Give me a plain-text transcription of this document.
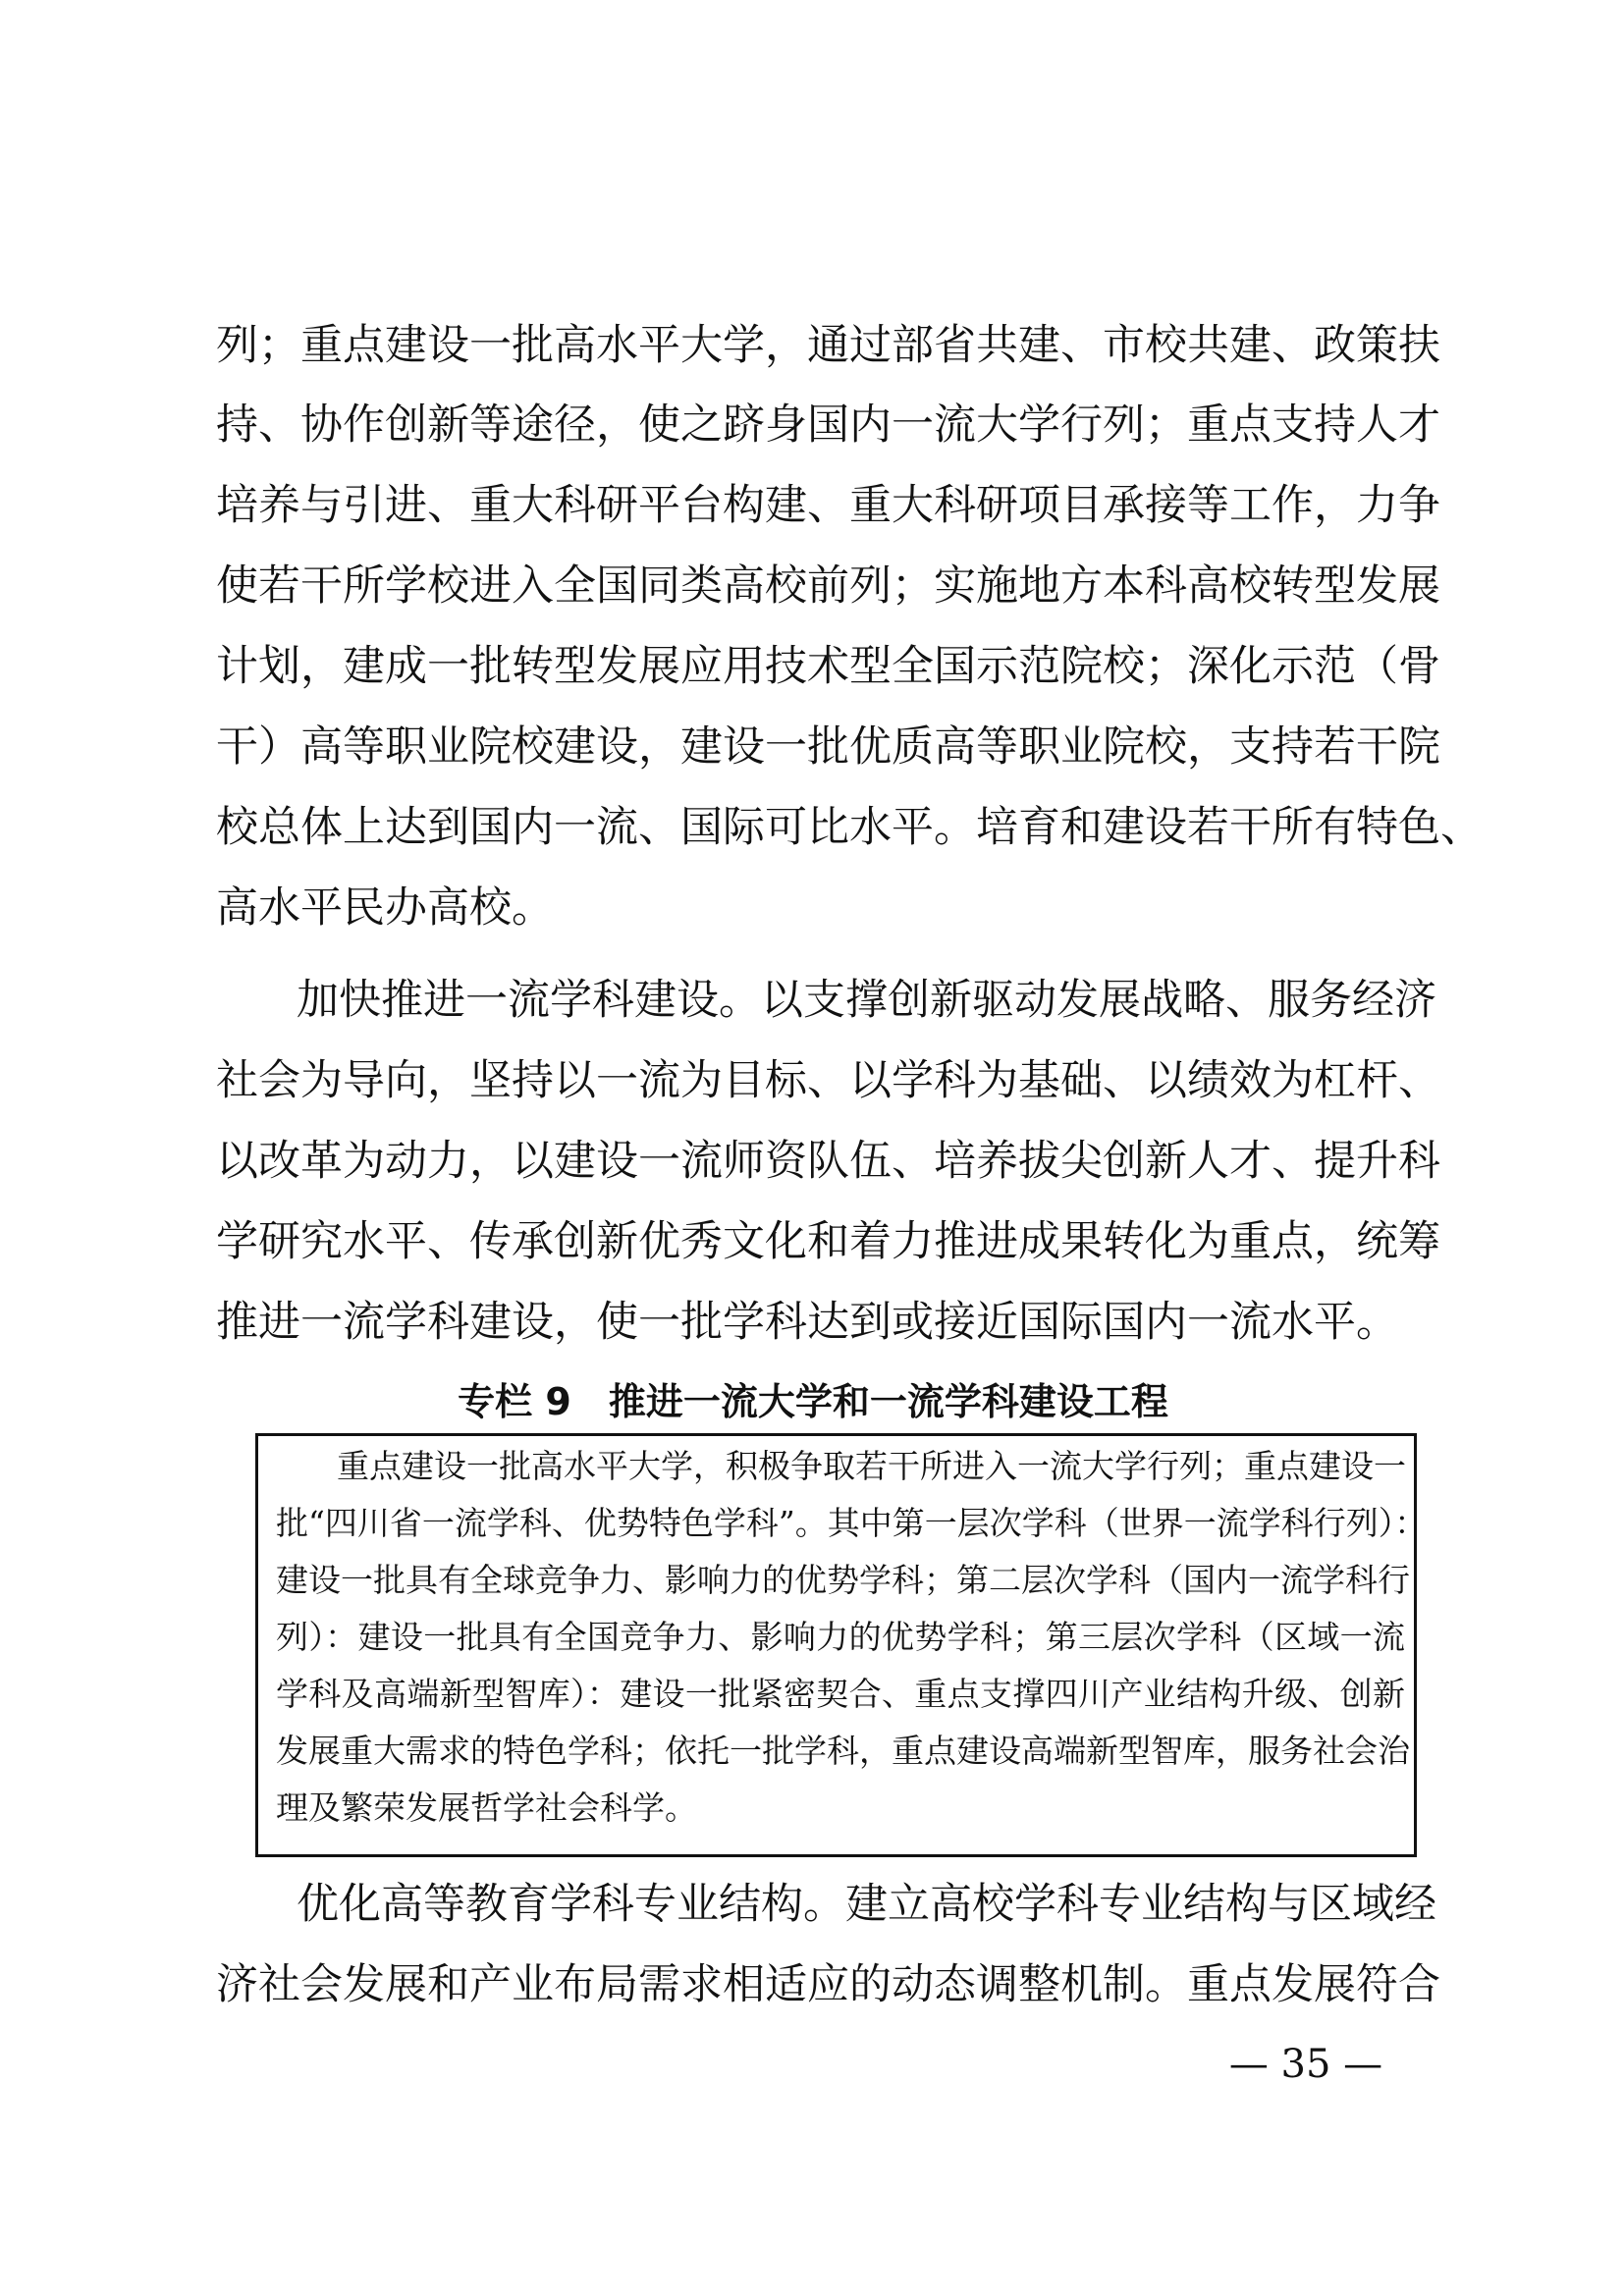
列；重点建设一批高水平大学，通过部省共建、市校共建、政策扶
持、协作创新等途径，使之跻身国内一流大学行列；重点支持人才
培养与引进、重大科研平台构建、重大科研项目承接等工作，力争
使若干所学校进入全国同类高校前列；实施地方本科高校转型发展
计划，建成一批转型发展应用技术型全国示范院校；深化示范（骨
干）高等职业院校建设，建设一批优质高等职业院校，支持若干院
校总体上达到国内一流、国际可比水平。培育和建设若干所有特色、
高水平民办高校。
加快推进一流学科建设。以支撑创新驱动发展战略、服务经济
社会为导向，坚持以一流为目标、以学科为基础、以绩效为杠杆、
以改革为动力，以建设一流师资队伍、培养拔尖创新人才、提升科
学研究水平、传承创新优秀文化和着力推进成果转化为重点，统筹
推进一流学科建设，使一批学科达到或接近国际国内一流水平。
专栏 9　推进一流大学和一流学科建设工程
重点建设一批高水平大学，积极争取若干所进入一流大学行列；重点建设一
批“四川省一流学科、优势特色学科”。其中第一层次学科（世界一流学科行列）：
建设一批具有全球竞争力、影响力的优势学科；第二层次学科（国内一流学科行
列）：建设一批具有全国竞争力、影响力的优势学科；第三层次学科（区域一流
学科及高端新型智库）：建设一批紧密契合、重点支撑四川产业结构升级、创新
发展重大需求的特色学科；依托一批学科，重点建设高端新型智库，服务社会治
理及繁荣发展哲学社会科学。
优化高等教育学科专业结构。建立高校学科专业结构与区域经
济社会发展和产业布局需求相适应的动态调整机制。重点发展符合
— 35 —
